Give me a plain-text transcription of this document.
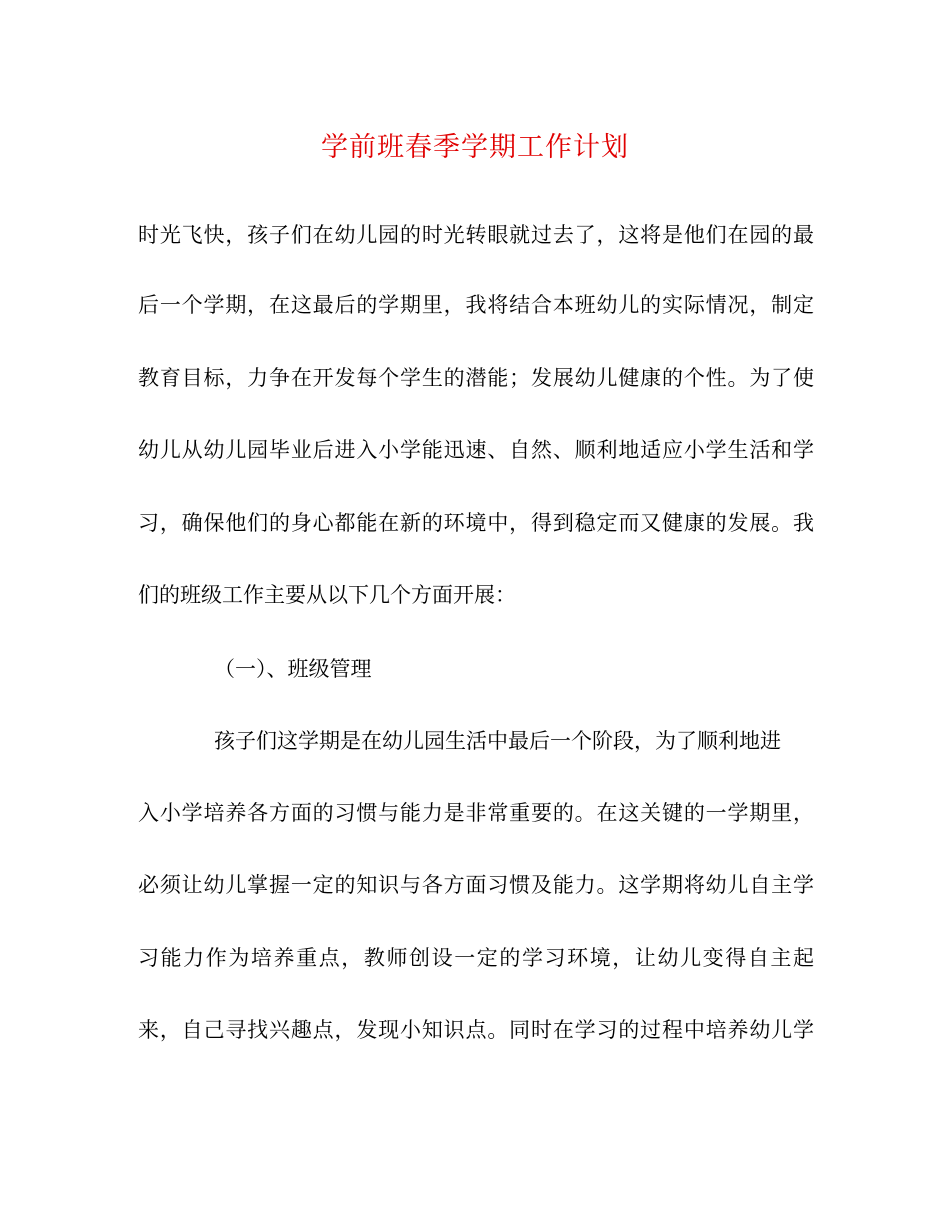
学前班春季学期工作计划
时光飞快，孩子们在幼儿园的时光转眼就过去了，这将是他们在园的最
后一个学期，在这最后的学期里，我将结合本班幼儿的实际情况，制定
教育目标，力争在开发每个学生的潜能；发展幼儿健康的个性。为了使
幼儿从幼儿园毕业后进入小学能迅速、自然、顺利地适应小学生活和学
习，确保他们的身心都能在新的环境中，得到稳定而又健康的发展。我
们的班级工作主要从以下几个方面开展：
（一）、班级管理
孩子们这学期是在幼儿园生活中最后一个阶段，为了顺利地进
入小学培养各方面的习惯与能力是非常重要的。在这关键的一学期里，
必须让幼儿掌握一定的知识与各方面习惯及能力。这学期将幼儿自主学
习能力作为培养重点，教师创设一定的学习环境，让幼儿变得自主起
来，自己寻找兴趣点，发现小知识点。同时在学习的过程中培养幼儿学
